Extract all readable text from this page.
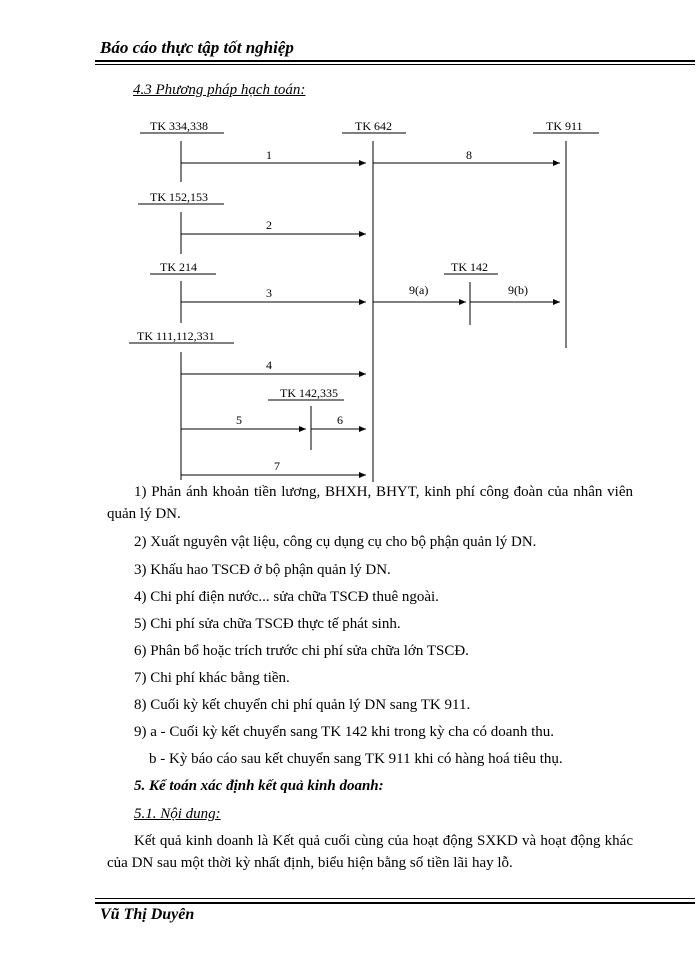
Báo cáo thực tập tốt nghiệp
4.3 Phương pháp hạch toán:
TK 334,338	TK 642	TK 911
TK 152,153
TK 214	TK 142
TK 111,112,331
TK 142,335
1	8
2
3	9(a)	9(b)
4
5	6
7
1) Phản ánh khoản tiền lương, BHXH, BHYT, kinh phí công đoàn của nhân viên quản lý DN.
2) Xuất nguyên vật liệu, công cụ dụng cụ cho bộ phận quản lý DN.
3) Khấu hao TSCĐ ở bộ phận quản lý DN.
4) Chi phí điện nước... sửa chữa TSCĐ thuê ngoài.
5) Chi phí sửa chữa TSCĐ thực tế phát sinh.
6) Phân bổ hoặc trích trước chi phí sửa chữa lớn TSCĐ.
7) Chi phí khác bằng tiền.
8) Cuối kỳ kết chuyển chi phí quản lý DN sang TK 911.
9) a - Cuối kỳ kết chuyển sang TK 142 khi trong kỳ cha có doanh thu.
b - Kỳ báo cáo sau kết chuyển sang TK 911 khi có hàng hoá tiêu thụ.
5. Kế toán xác định kết quả kinh doanh:
5.1. Nội dung:
Kết quả kinh doanh là Kết quả cuối cùng của hoạt động SXKD và hoạt động khác của DN sau một thời kỳ nhất định, biểu hiện bằng số tiền lãi hay lỗ.
Vũ Thị Duyên
